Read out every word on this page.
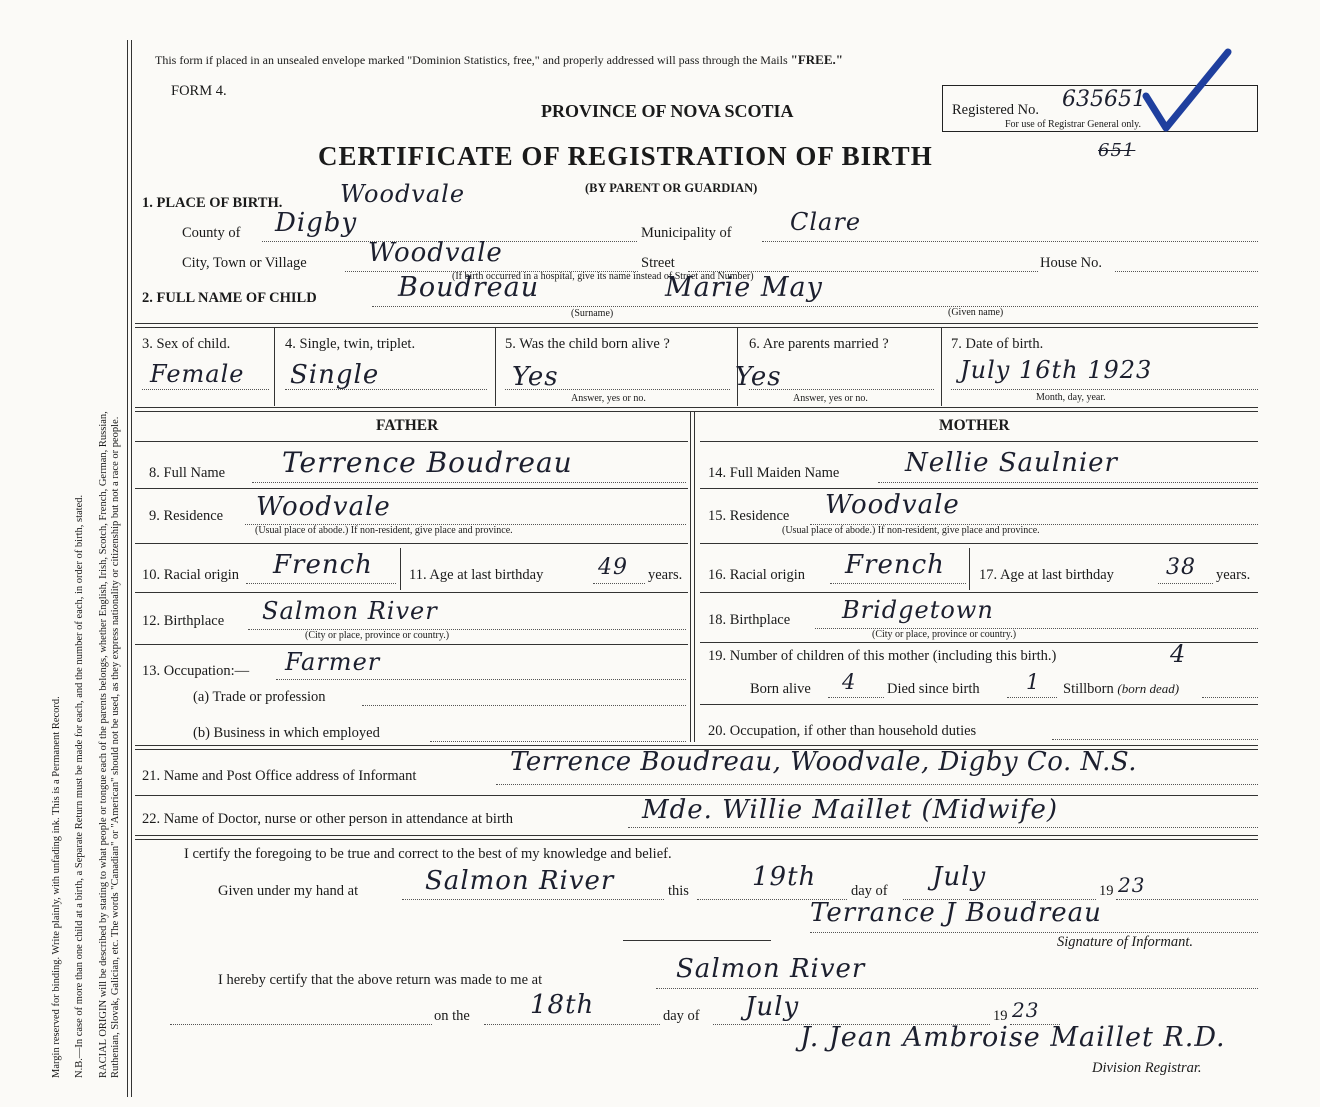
Margin reserved for binding. Write plainly, with unfading ink. This is a Permanent Record. N.B.—In case of more than one child at a birth, a Separate Return must be made for each, and the number of each, in order of birth, stated. RACIAL ORIGIN will be described by stating to what people or tongue each of the parents belongs, whether English, Irish, Scotch, French, German, Russian, Ruthenian, Slovak, Galician, etc. The words "Canadian" or "American" should not be used, as they express nationality or citizenship but not a race or people.
This form if placed in an unsealed envelope marked "Dominion Statistics, free," and properly addressed will pass through the Mails "FREE."
FORM 4.
PROVINCE OF NOVA SCOTIA
CERTIFICATE OF REGISTRATION OF BIRTH
(BY PARENT OR GUARDIAN)
Registered No. 635651
For use of Registrar General only.
651
1. PLACE OF BIRTH. Woodvale
County of Digby	Municipality of Clare
City, Town or Village Woodvale	Street	House No.
(If birth occurred in a hospital, give its name instead of Street and Number)
2. FULL NAME OF CHILD	Boudreau	Marie May
(Surname)	(Given name)
3. Sex of child.
Female
4. Single, twin, triplet.
Single
5. Was the child born alive ?
Yes
Answer, yes or no.
6. Are parents married ?
Yes
Answer, yes or no.
7. Date of birth.
July 16th 1923
Month, day, year.
FATHER
8. Full Name Terrence Boudreau
9. Residence Woodvale
(Usual place of abode.) If non-resident, give place and province.
10. Racial origin French 11. Age at last birthday 49 years.
12. Birthplace Salmon River
(City or place, province or country.)
13. Occupation:— Farmer
(a) Trade or profession
(b) Business in which employed
MOTHER
14. Full Maiden Name	Nellie Saulnier
15. Residence Woodvale
(Usual place of abode.) If non-resident, give place and province.
16. Racial origin French 17. Age at last birthday 38 years.
18. Birthplace Bridgetown
(City or place, province or country.)
19. Number of children of this mother (including this birth.)	4
Born alive 4 Died since birth 1 Stillborn (born dead)
20. Occupation, if other than household duties
21. Name and Post Office address of Informant	Terrence Boudreau, Woodvale, Digby Co. N.S.
22. Name of Doctor, nurse or other person in attendance at birth	Mde. Willie Maillet (Midwife)
I certify the foregoing to be true and correct to the best of my knowledge and belief.
Given under my hand at	Salmon River	this 19th day of July	19 23
Terrance J Boudreau
Signature of Informant.
I hereby certify that the above return was made to me at	Salmon River
on the 18th	day of July	19 23
J. Jean Ambroise Maillet R.D.
Division Registrar.
